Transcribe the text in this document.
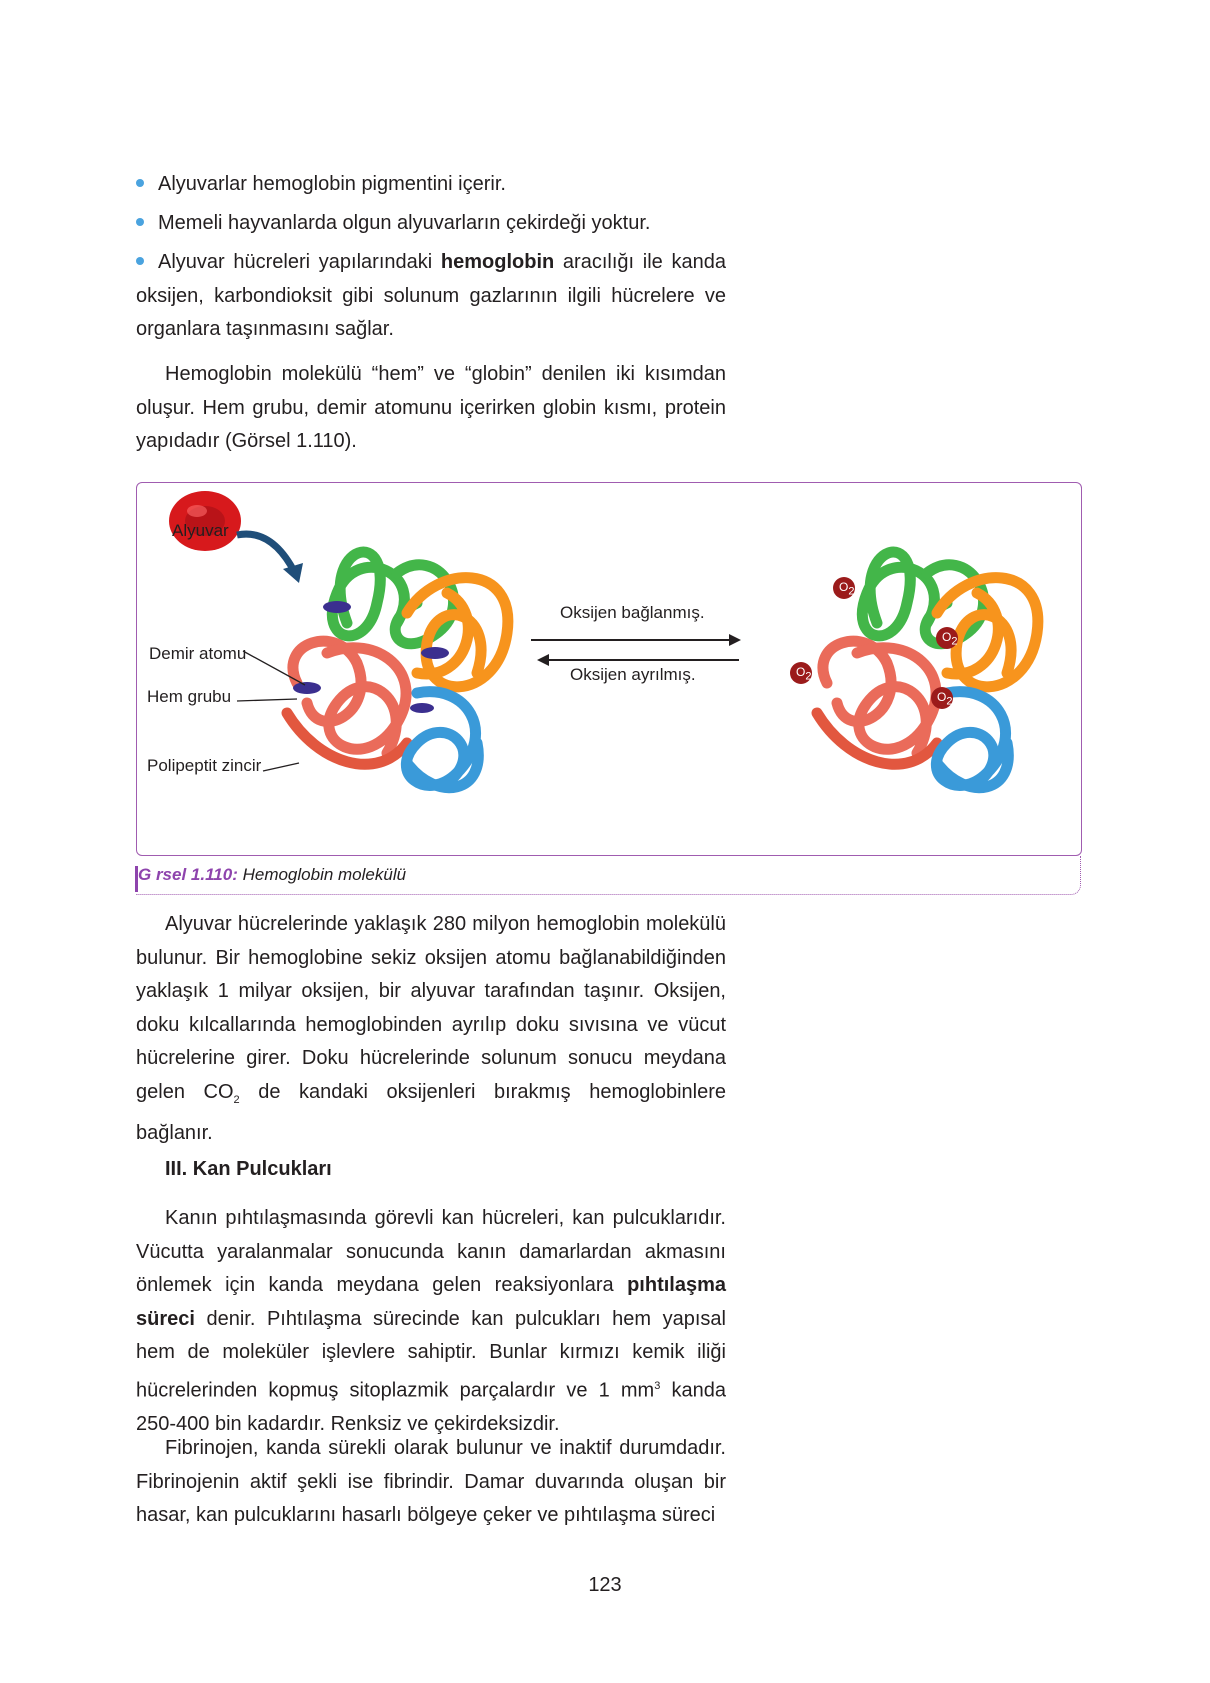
Alyuvarlar hemoglobin pigmentini içerir.
Memeli hayvanlarda olgun alyuvarların çekirdeği yoktur.

Alyuvar hücreleri yapılarındaki hemoglobin aracılığı ile kanda oksijen, karbondioksit gibi solunum gazlarının ilgili hücrelere ve organlara taşınmasını sağlar.

Hemoglobin molekülü “hem” ve “globin” denilen iki kısımdan oluşur. Hem grubu, demir atomunu içerirken globin kısmı, protein yapıdadır (Görsel 1.110).

Alyuvar
Demir atomu
Hem grubu
Polipeptit zincir
Oksijen bağlanmış.
Oksijen ayrılmış.
$O_2$
$O_2$
$O_2$
$O_2$
G rsel 1.110: Hemoglobin molekülü

Alyuvar hücrelerinde yaklaşık 280 milyon hemoglobin molekülü bulunur. Bir hemoglobine sekiz oksijen atomu bağlanabildiğinden yaklaşık 1 milyar oksijen, bir alyuvar tarafından taşınır. Oksijen, doku kılcallarında hemoglobinden ayrılıp doku sıvısına ve vücut hücrelerine girer. Doku hücrelerinde solunum sonucu meydana gelen $CO_2$ de kandaki oksijenleri bırakmış hemoglobinlere bağlanır.

III. Kan Pulcukları

Kanın pıhtılaşmasında görevli kan hücreleri, kan pulcuklarıdır. Vücutta yaralanmalar sonucunda kanın damarlardan akmasını önlemek için kanda meydana gelen reaksiyonlara pıhtılaşma süreci denir. Pıhtılaşma sürecinde kan pulcukları hem yapısal hem de moleküler işlevlere sahiptir. Bunlar kırmızı kemik iliği hücrelerinden kopmuş sitoplazmik parçalardır ve 1 $mm^3$ kanda 250-400 bin kadardır. Renksiz ve çekirdeksizdir.

Fibrinojen, kanda sürekli olarak bulunur ve inaktif durumdadır. Fibrinojenin aktif şekli ise fibrindir. Damar duvarında oluşan bir hasar, kan pulcuklarını hasarlı bölgeye çeker ve pıhtılaşma süreci

123
